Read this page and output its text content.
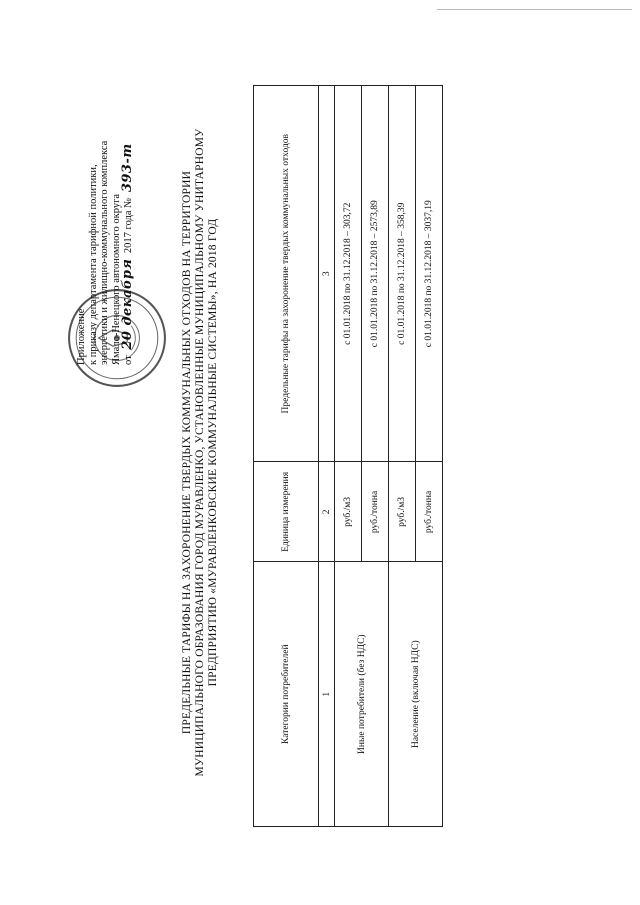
Приложение к приказу департамента тарифной политики, энергетики и жилищно-коммунального комплекса Ямало-Ненецкого автономного округа от 20 декабря 2017 года № 393-т
ПРЕДЕЛЬНЫЕ ТАРИФЫ НА ЗАХОРОНЕНИЕ ТВЕРДЫХ КОММУНАЛЬНЫХ ОТХОДОВ НА ТЕРРИТОРИИ МУНИЦИПАЛЬНОГО ОБРАЗОВАНИЯ ГОРОД МУРАВЛЕНКО, УСТАНОВЛЕННЫЕ МУНИЦИПАЛЬНОМУ УНИТАРНОМУ ПРЕДПРИЯТИЮ «МУРАВЛЕНКОВСКИЕ КОММУНАЛЬНЫЕ СИСТЕМЫ», НА 2018 ГОД
Категории потребителей	Единица измерения	Предельные тарифы на захоронение твердых коммунальных отходов
1	2	3
Иные потребители (без НДС)	руб./м3	с 01.01.2018 по 31.12.2018 – 303,72
	руб./тонна	с 01.01.2018 по 31.12.2018 – 2573,89
Население (включая НДС)	руб./м3	с 01.01.2018 по 31.12.2018 – 358,39
	руб./тонна	с 01.01.2018 по 31.12.2018 – 3037,19
